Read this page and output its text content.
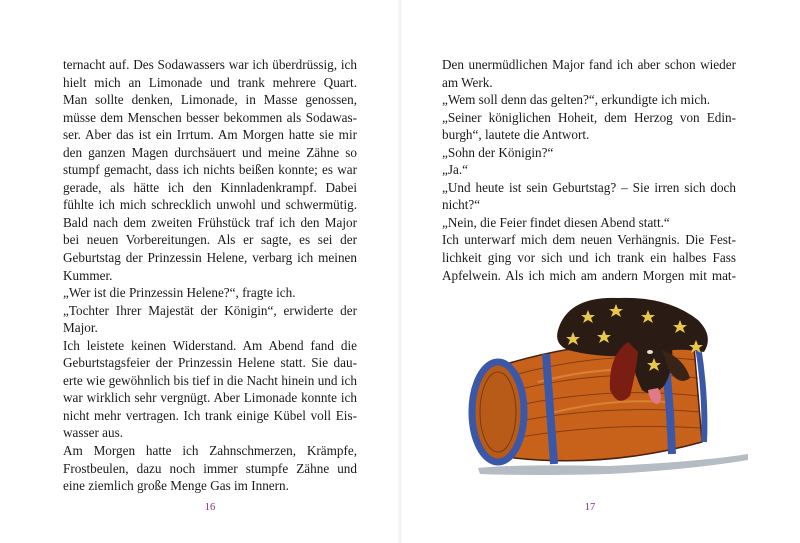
ternacht auf. Des Sodawassers war ich überdrüssig, ich
hielt mich an Limonade und trank mehrere Quart.
Man sollte denken, Limonade, in Masse genossen,
müsse dem Menschen besser bekommen als Sodawas-
ser. Aber das ist ein Irrtum. Am Morgen hatte sie mir
den ganzen Magen durchsäuert und meine Zähne so
stumpf gemacht, dass ich nichts beißen konnte; es war
gerade, als hätte ich den Kinnladenkrampf. Dabei
fühlte ich mich schrecklich unwohl und schwermütig.
Bald nach dem zweiten Frühstück traf ich den Major
bei neuen Vorbereitungen. Als er sagte, es sei der
Geburtstag der Prinzessin Helene, verbarg ich meinen
Kummer.
„Wer ist die Prinzessin Helene?“, fragte ich.
„Tochter Ihrer Majestät der Königin“, erwiderte der
Major.
Ich leistete keinen Widerstand. Am Abend fand die
Geburtstagsfeier der Prinzessin Helene statt. Sie dau-
erte wie gewöhnlich bis tief in die Nacht hinein und ich
war wirklich sehr vergnügt. Aber Limonade konnte ich
nicht mehr vertragen. Ich trank einige Kübel voll Eis-
wasser aus.
Am Morgen hatte ich Zahnschmerzen, Krämpfe,
Frostbeulen, dazu noch immer stumpfe Zähne und
eine ziemlich große Menge Gas im Innern.
16
Den unermüdlichen Major fand ich aber schon wieder
am Werk.
„Wem soll denn das gelten?“, erkundigte ich mich.
„Seiner königlichen Hoheit, dem Herzog von Edin-
burgh“, lautete die Antwort.
„Sohn der Königin?“
„Ja.“
„Und heute ist sein Geburtstag? – Sie irren sich doch
nicht?“
„Nein, die Feier findet diesen Abend statt.“
Ich unterwarf mich dem neuen Verhängnis. Die Fest-
lichkeit ging vor sich und ich trank ein halbes Fass
Apfelwein. Als ich mich am andern Morgen mit mat-
17
